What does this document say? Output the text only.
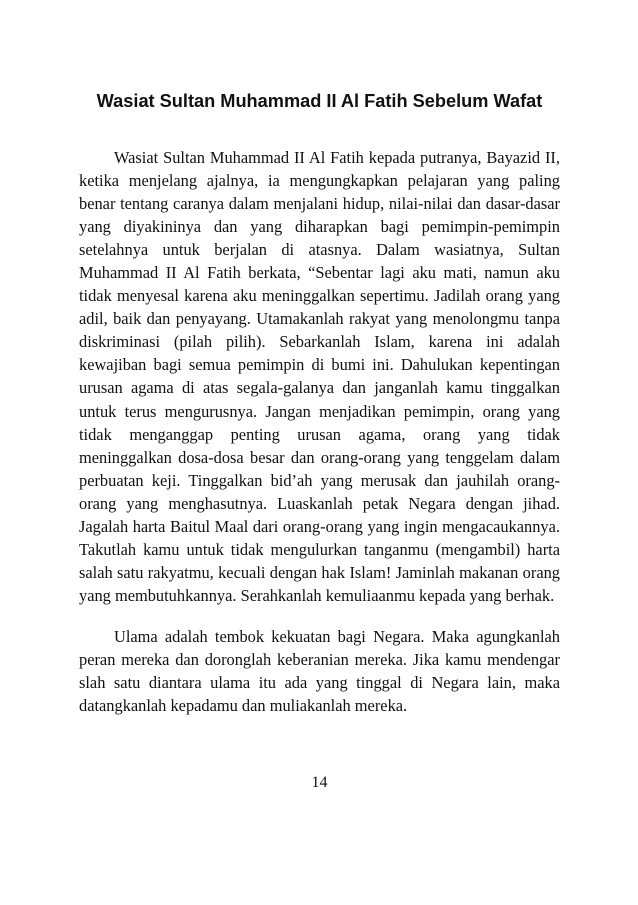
Wasiat Sultan Muhammad II Al Fatih Sebelum Wafat

Wasiat Sultan Muhammad II Al Fatih kepada putranya, Bayazid II, ketika menjelang ajalnya, ia mengungkapkan pelajaran yang paling benar tentang caranya dalam menjalani hidup, nilai-nilai dan dasar-dasar yang diyakininya dan yang diharapkan bagi pemimpin-pemimpin setelahnya untuk berjalan di atasnya. Dalam wasiatnya, Sultan Muhammad II Al Fatih berkata, “Sebentar lagi aku mati, namun aku tidak menyesal karena aku meninggalkan sepertimu. Jadilah orang yang adil, baik dan penyayang. Utamakanlah rakyat yang menolongmu tanpa diskriminasi (pilah pilih). Sebarkanlah Islam, karena ini adalah kewajiban bagi semua pemimpin di bumi ini. Dahulukan kepentingan urusan agama di atas segala-galanya dan janganlah kamu tinggalkan untuk terus mengurusnya. Jangan menjadikan pemimpin, orang yang tidak menganggap penting urusan agama, orang yang tidak meninggalkan dosa-dosa besar dan orang-orang yang tenggelam dalam perbuatan keji. Tinggalkan bid’ah yang merusak dan jauhilah orang-orang yang menghasutnya. Luaskanlah petak Negara dengan jihad. Jagalah harta Baitul Maal dari orang-orang yang ingin mengacaukannya. Takutlah kamu untuk tidak mengulurkan tanganmu (mengambil) harta salah satu rakyatmu, kecuali dengan hak Islam! Jaminlah makanan orang yang membutuhkannya. Serahkanlah kemuliaanmu kepada yang berhak.

Ulama adalah tembok kekuatan bagi Negara. Maka agungkanlah peran mereka dan doronglah keberanian mereka. Jika kamu mendengar slah satu diantara ulama itu ada yang tinggal di Negara lain, maka datangkanlah kepadamu dan muliakanlah mereka.

14
